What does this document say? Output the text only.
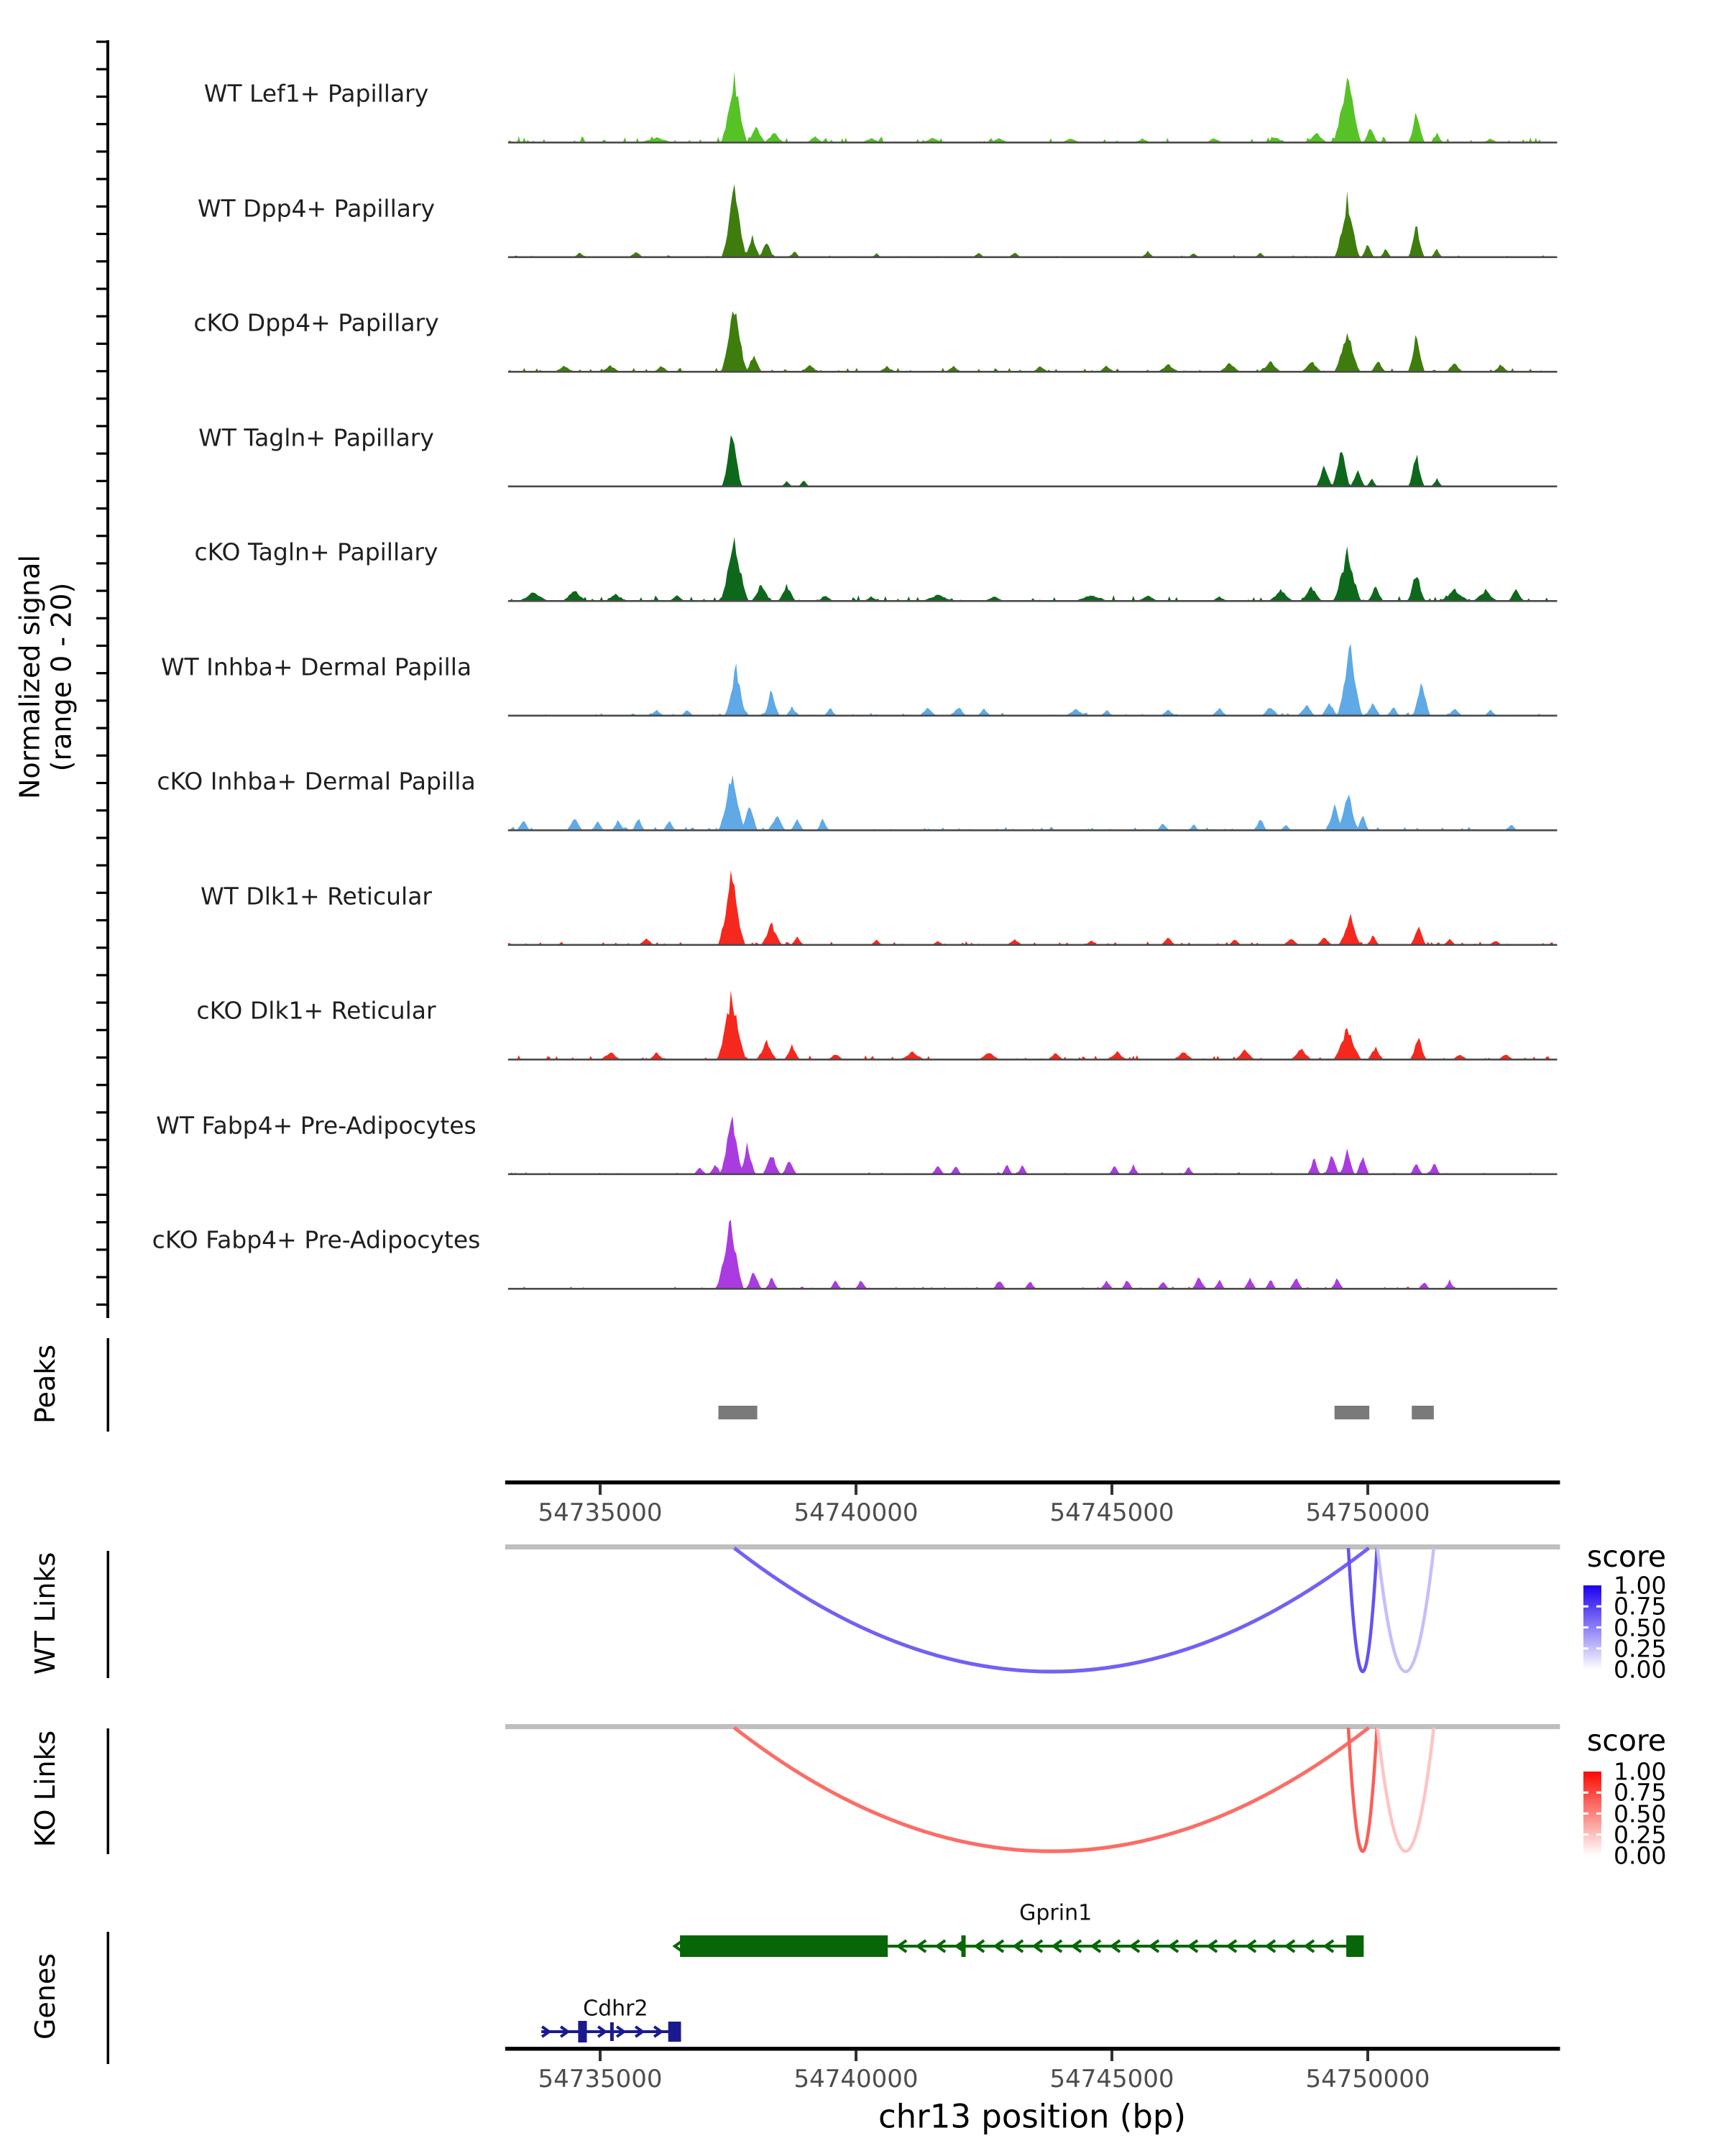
Normalized signal
(range 0 - 20)
Peaks
WT Links
KO Links
Genes
score
score
chr13 position (bp)
WT Lef1+ Papillary
WT Dpp4+ Papillary
cKO Dpp4+ Papillary
WT Tagln+ Papillary
cKO Tagln+ Papillary
WT Inhba+ Dermal Papilla
cKO Inhba+ Dermal Papilla
WT Dlk1+ Reticular
cKO Dlk1+ Reticular
WT Fabp4+ Pre-Adipocytes
cKO Fabp4+ Pre-Adipocytes
54735000	54740000	54745000	54750000
54735000	54740000	54745000	54750000
1.00
0.75
0.50
0.25
0.00
1.00
0.75
0.50
0.25
0.00
Gprin1
Cdhr2
